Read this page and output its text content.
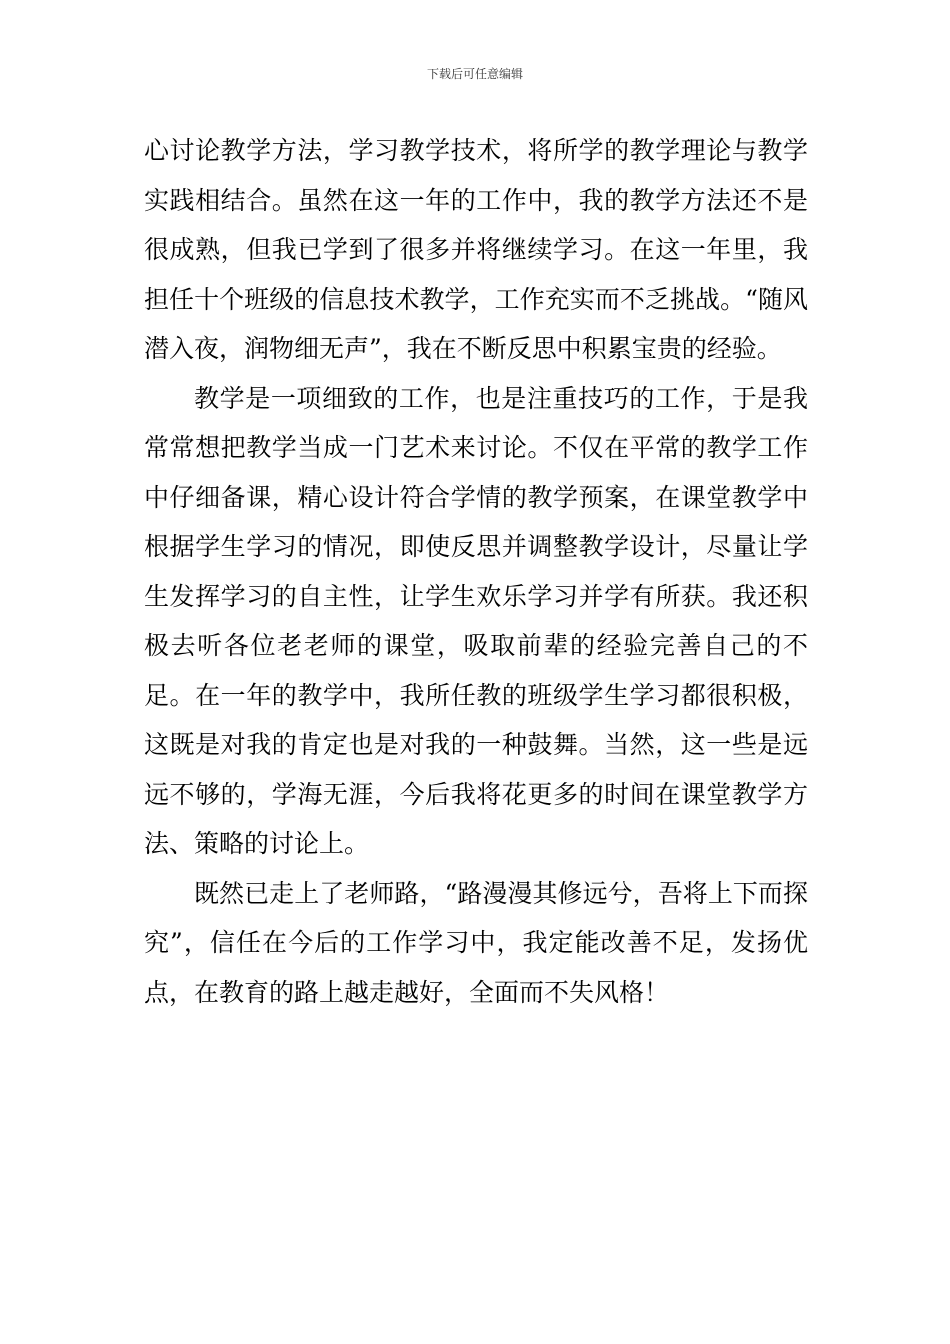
下载后可任意编辑

心讨论教学方法，学习教学技术，将所学的教学理论与教学实践相结合。虽然在这一年的工作中，我的教学方法还不是很成熟，但我已学到了很多并将继续学习。在这一年里，我担任十个班级的信息技术教学，工作充实而不乏挑战。“随风潜入夜，润物细无声”，我在不断反思中积累宝贵的经验。

教学是一项细致的工作，也是注重技巧的工作，于是我常常想把教学当成一门艺术来讨论。不仅在平常的教学工作中仔细备课，精心设计符合学情的教学预案，在课堂教学中根据学生学习的情况，即使反思并调整教学设计，尽量让学生发挥学习的自主性，让学生欢乐学习并学有所获。我还积极去听各位老老师的课堂，吸取前辈的经验完善自己的不足。在一年的教学中，我所任教的班级学生学习都很积极，这既是对我的肯定也是对我的一种鼓舞。当然，这一些是远远不够的，学海无涯，今后我将花更多的时间在课堂教学方法、策略的讨论上。

既然已走上了老师路，“路漫漫其修远兮，吾将上下而探究”，信任在今后的工作学习中，我定能改善不足，发扬优点，在教育的路上越走越好，全面而不失风格！
